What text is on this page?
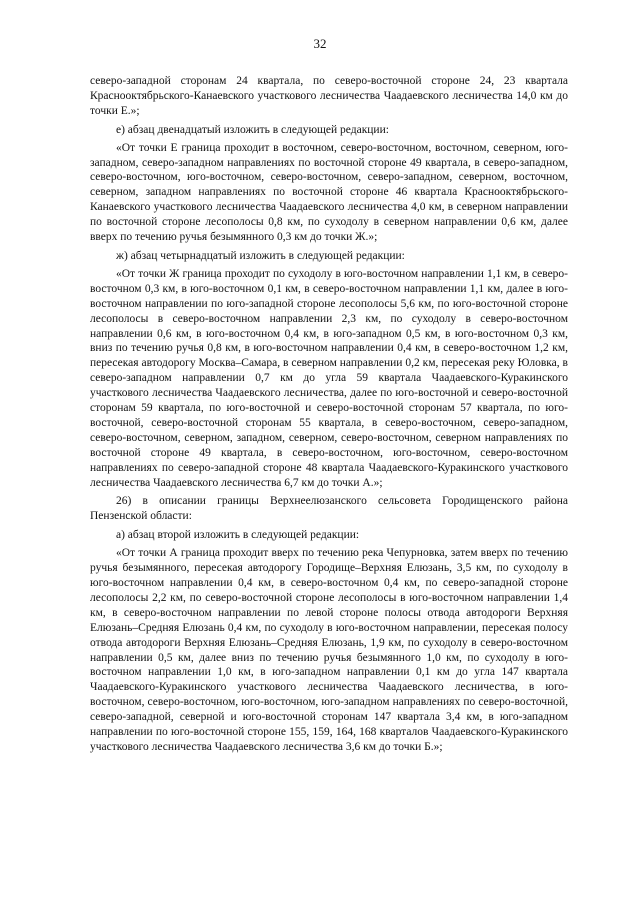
32

северо-западной сторонам 24 квартала, по северо-восточной стороне 24, 23 квартала Краснооктябрьского-Канаевского участкового лесничества Чаадаевского лесничества 14,0 км до точки Е.»;

е) абзац двенадцатый изложить в следующей редакции:

«От точки Е граница проходит в восточном, северо-восточном, восточном, северном, юго-западном, северо-западном направлениях по восточной стороне 49 квартала, в северо-западном, северо-восточном, юго-восточном, северо-восточном, северо-западном, северном, восточном, северном, западном направлениях по восточной стороне 46 квартала Краснооктябрьского-Канаевского участкового лесничества Чаадаевского лесничества 4,0 км, в северном направлении по восточной стороне лесополосы 0,8 км, по суходолу в северном направлении 0,6 км, далее вверх по течению ручья безымянного 0,3 км до точки Ж.»;

ж) абзац четырнадцатый изложить в следующей редакции:

«От точки Ж граница проходит по суходолу в юго-восточном направлении 1,1 км, в северо-восточном 0,3 км, в юго-восточном 0,1 км, в северо-восточном направлении 1,1 км, далее в юго-восточном направлении по юго-западной стороне лесополосы 5,6 км, по юго-восточной стороне лесополосы в северо-восточном направлении 2,3 км, по суходолу в северо-восточном направлении 0,6 км, в юго-восточном 0,4 км, в юго-западном 0,5 км, в юго-восточном 0,3 км, вниз по течению ручья 0,8 км, в юго-восточном направлении 0,4 км, в северо-восточном 1,2 км, пересекая автодорогу Москва–Самара, в северном направлении 0,2 км, пересекая реку Юловка, в северо-западном направлении 0,7 км до угла 59 квартала Чаадаевского-Куракинского участкового лесничества Чаадаевского лесничества, далее по юго-восточной и северо-восточной сторонам 59 квартала, по юго-восточной и северо-восточной сторонам 57 квартала, по юго-восточной, северо-восточной сторонам 55 квартала, в северо-восточном, северо-западном, северо-восточном, северном, западном, северном, северо-восточном, северном направлениях по восточной стороне 49 квартала, в северо-восточном, юго-восточном, северо-восточном направлениях по северо-западной стороне 48 квартала Чаадаевского-Куракинского участкового лесничества Чаадаевского лесничества 6,7 км до точки А.»;

26) в описании границы Верхнеелюзанского сельсовета Городищенского района Пензенской области:

а) абзац второй изложить в следующей редакции:

«От точки А граница проходит вверх по течению река Чепурновка, затем вверх по течению ручья безымянного, пересекая автодорогу Городище–Верхняя Елюзань, 3,5 км, по суходолу в юго-восточном направлении 0,4 км, в северо-восточном 0,4 км, по северо-западной стороне лесополосы 2,2 км, по северо-восточной стороне лесополосы в юго-восточном направлении 1,4 км, в северо-восточном направлении по левой стороне полосы отвода автодороги Верхняя Елюзань–Средняя Елюзань 0,4 км, по суходолу в юго-восточном направлении, пересекая полосу отвода автодороги Верхняя Елюзань–Средняя Елюзань, 1,9 км, по суходолу в северо-восточном направлении 0,5 км, далее вниз по течению ручья безымянного 1,0 км, по суходолу в юго-восточном направлении 1,0 км, в юго-западном направлении 0,1 км до угла 147 квартала Чаадаевского-Куракинского участкового лесничества Чаадаевского лесничества, в юго-восточном, северо-восточном, юго-восточном, юго-западном направлениях по северо-восточной, северо-западной, северной и юго-восточной сторонам 147 квартала 3,4 км, в юго-западном направлении по юго-восточной стороне 155, 159, 164, 168 кварталов Чаадаевского-Куракинского участкового лесничества Чаадаевского лесничества 3,6 км до точки Б.»;
